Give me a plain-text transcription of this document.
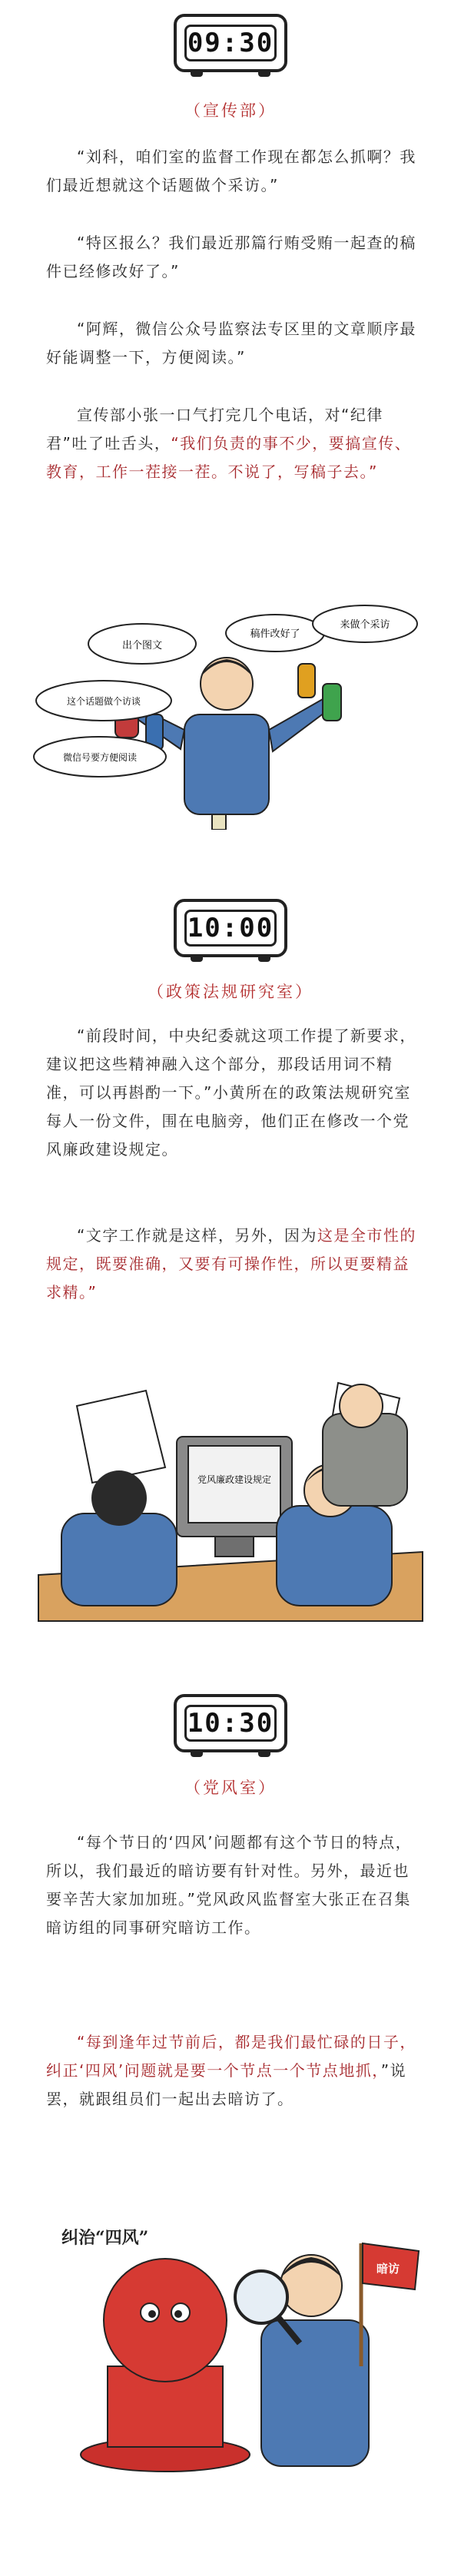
09:30
（宣传部）

“刘科，咱们室的监督工作现在都怎么抓啊？我们最近想就这个话题做个采访。”

“特区报么？我们最近那篇行贿受贿一起查的稿件已经修改好了。”

“阿辉，微信公众号监察法专区里的文章顺序最好能调整一下，方便阅读。”

宣传部小张一口气打完几个电话，对“纪律君”吐了吐舌头，“我们负责的事不少，要搞宣传、教育，工作一茬接一茬。不说了，写稿子去。”

出个图文
这个话题做个访谈
稿件改好了
来做个采访
微信号要方便阅读
10:00
（政策法规研究室）

“前段时间，中央纪委就这项工作提了新要求，建议把这些精神融入这个部分，那段话用词不精准，可以再斟酌一下。”小黄所在的政策法规研究室每人一份文件，围在电脑旁，他们正在修改一个党风廉政建设规定。

“文字工作就是这样，另外，因为这是全市性的规定，既要准确，又要有可操作性，所以更要精益求精。”

党风廉政建设规定
10:30
（党风室）

“每个节日的‘四风’问题都有这个节日的特点，所以，我们最近的暗访要有针对性。另外，最近也要辛苦大家加加班。”党风政风监督室大张正在召集暗访组的同事研究暗访工作。

“每到逢年过节前后，都是我们最忙碌的日子，纠正‘四风’问题就是要一个节点一个节点地抓，”说罢，就跟组员们一起出去暗访了。

纠治“四风”
暗访
